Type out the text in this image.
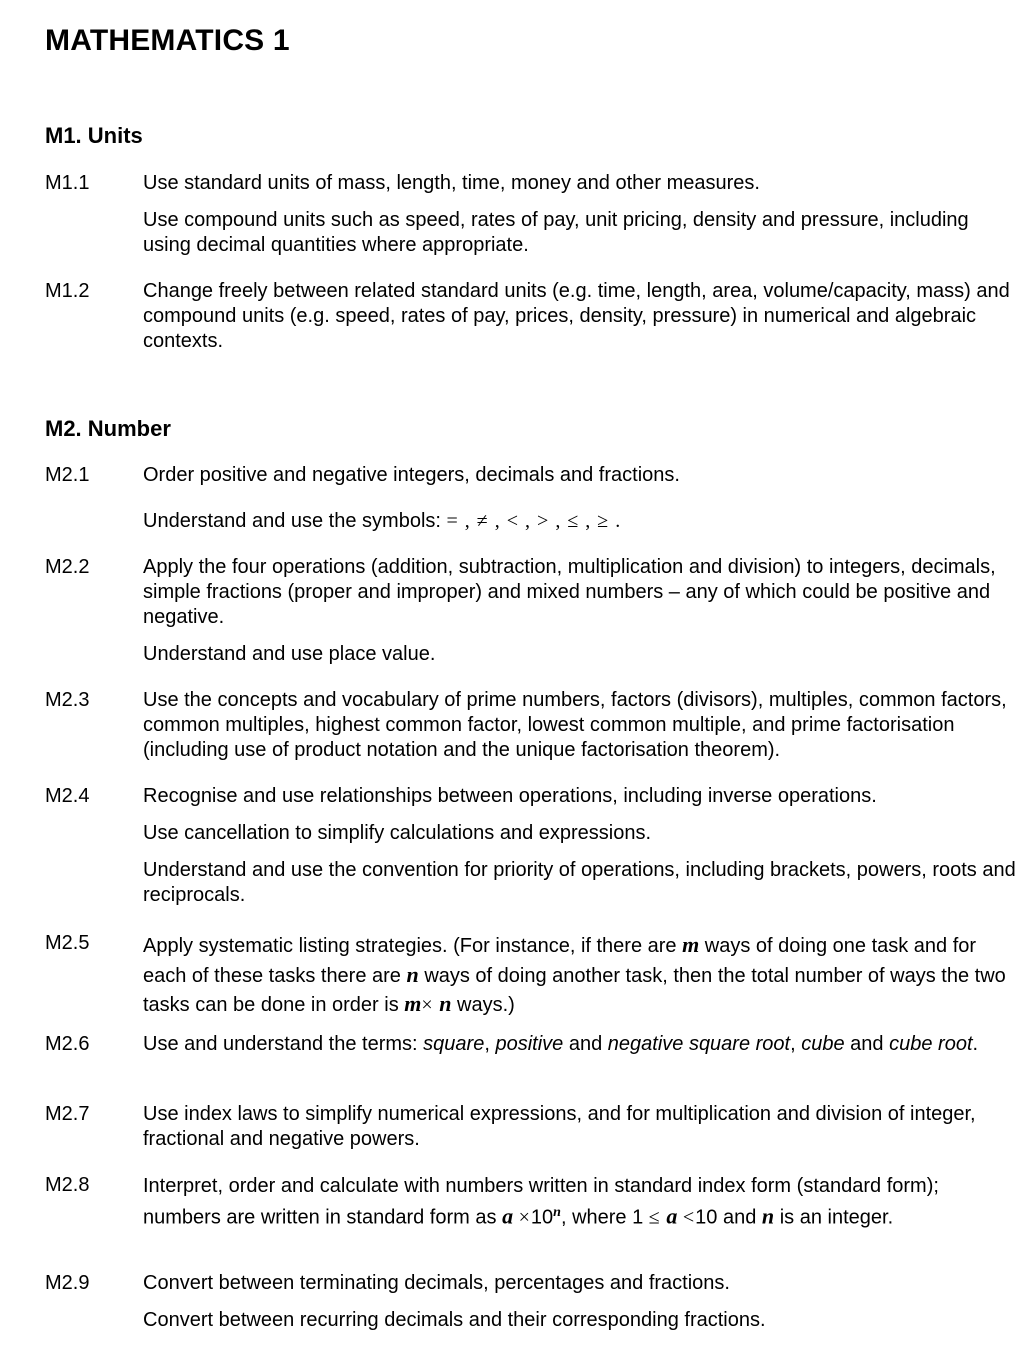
MATHEMATICS 1
M1. Units
M1.1	Use standard units of mass, length, time, money and other measures.

Use compound units such as speed, rates of pay, unit pricing, density and pressure, including using decimal quantities where appropriate.

M1.2	Change freely between related standard units (e.g. time, length, area, volume/capacity, mass) and compound units (e.g. speed, rates of pay, prices, density, pressure) in numerical and algebraic contexts.

M2. Number
M2.1	Order positive and negative integers, decimals and fractions.

Understand and use the symbols: = , ≠ , < , > , ≤ , ≥ .

M2.2	Apply the four operations (addition, subtraction, multiplication and division) to integers, decimals, simple fractions (proper and improper) and mixed numbers – any of which could be positive and negative.

Understand and use place value.

M2.3	Use the concepts and vocabulary of prime numbers, factors (divisors), multiples, common factors, common multiples, highest common factor, lowest common multiple, and prime factorisation (including use of product notation and the unique factorisation theorem).

M2.4	Recognise and use relationships between operations, including inverse operations.

Use cancellation to simplify calculations and expressions.

Understand and use the convention for priority of operations, including brackets, powers, roots and reciprocals.

M2.5	Apply systematic listing strategies. (For instance, if there are m ways of doing one task and for each of these tasks there are n ways of doing another task, then the total number of ways the two tasks can be done in order is m× n ways.)

M2.6	Use and understand the terms: square, positive and negative square root, cube and cube root.

M2.7	Use index laws to simplify numerical expressions, and for multiplication and division of integer, fractional and negative powers.

M2.8	Interpret, order and calculate with numbers written in standard index form (standard form); numbers are written in standard form as $a \times 10^n$, where 1 ≤ a <10 and n is an integer.

M2.9	Convert between terminating decimals, percentages and fractions.

Convert between recurring decimals and their corresponding fractions.
